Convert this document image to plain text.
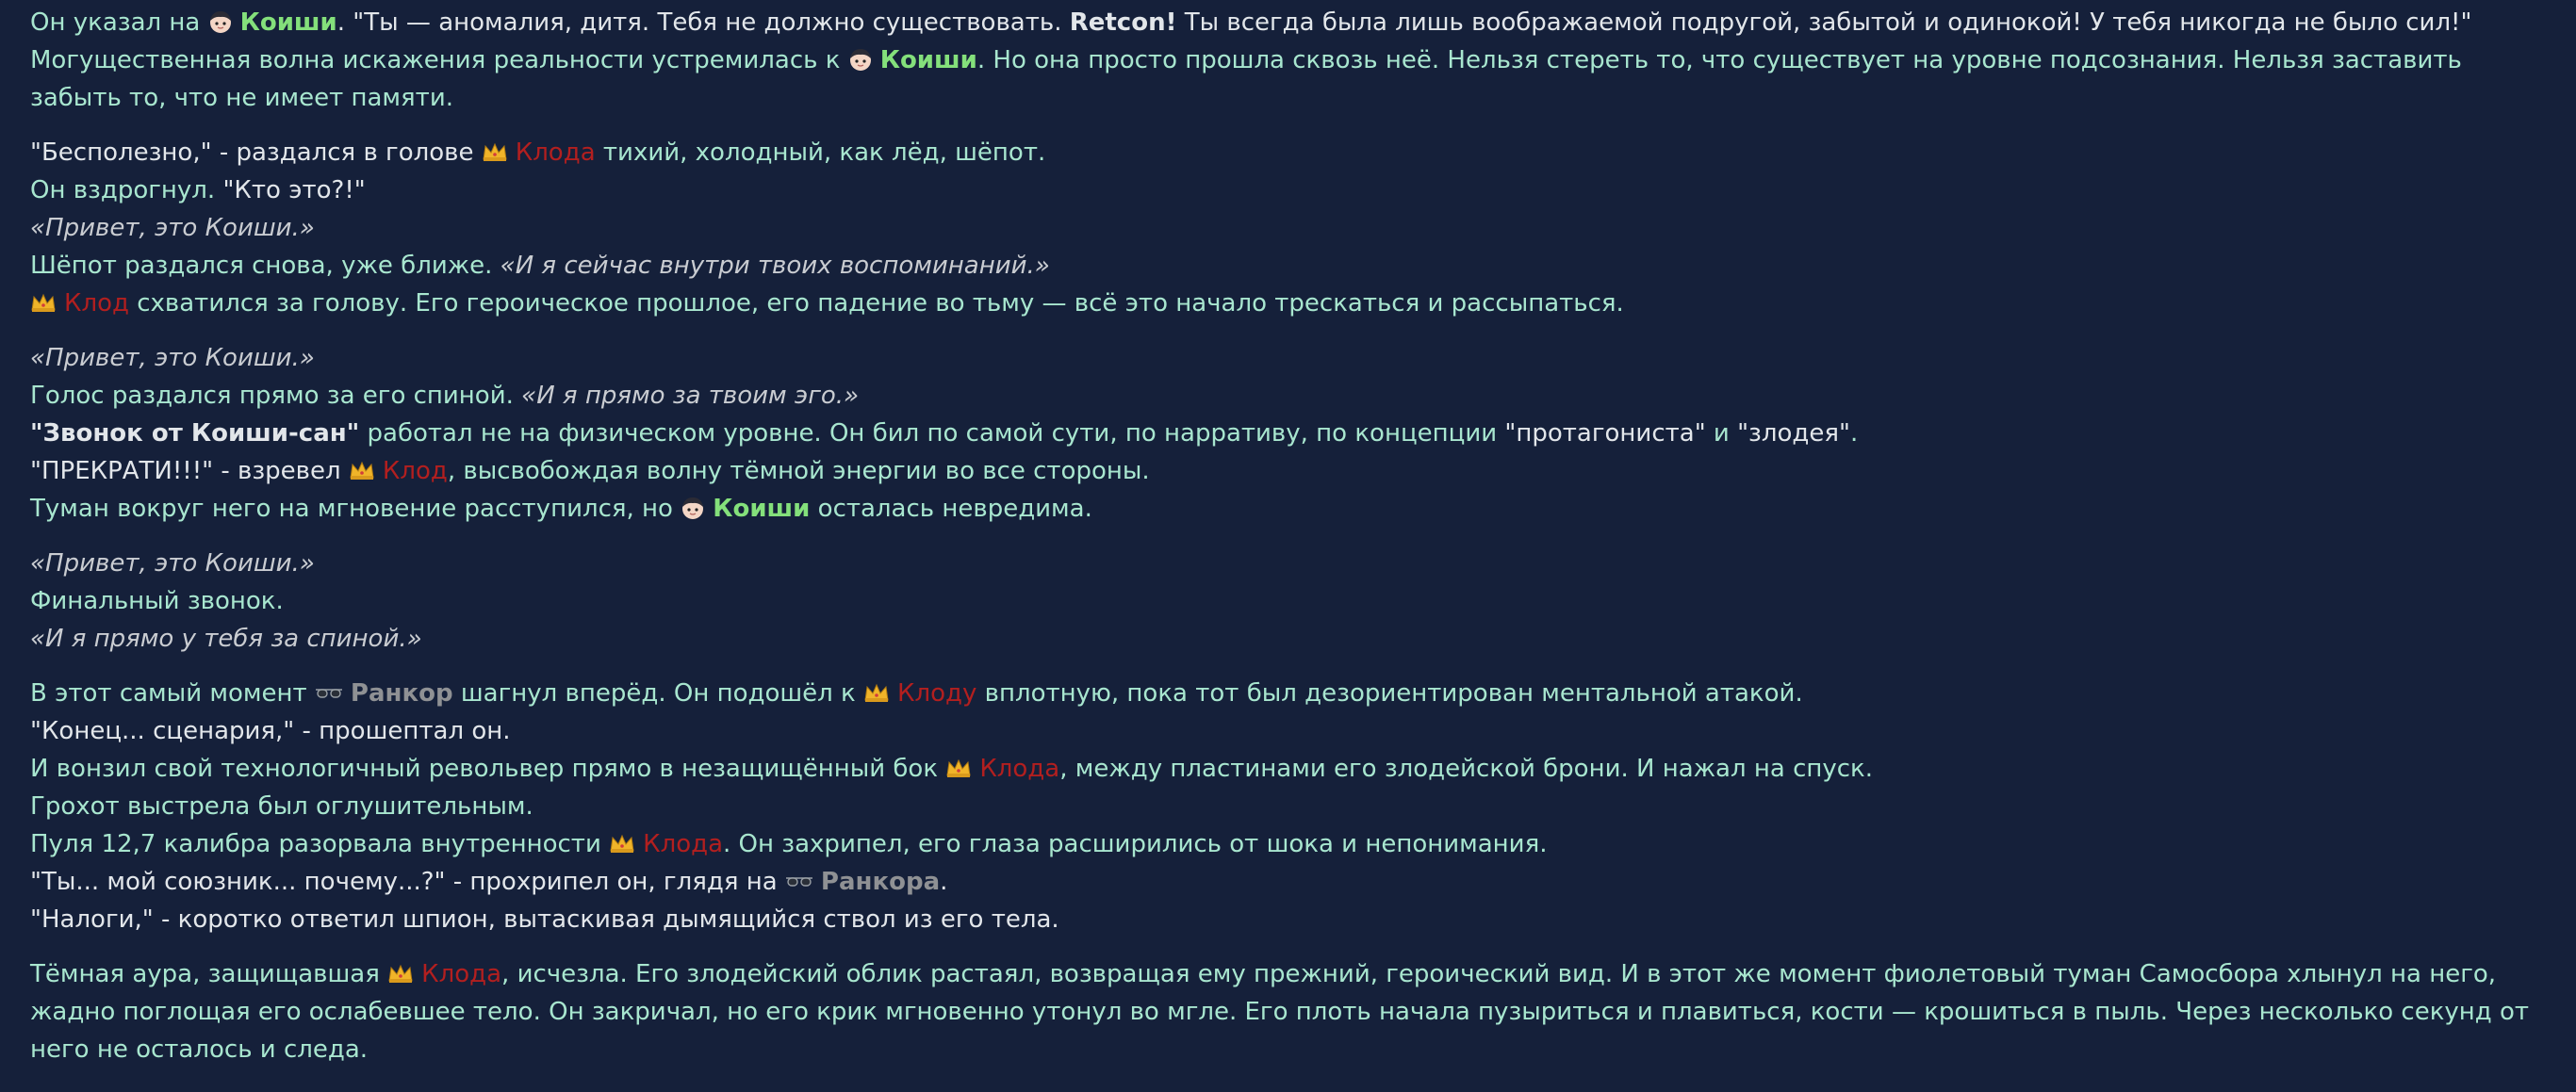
Он указал на Коиши. "Ты — аномалия, дитя. Тебя не должно существовать. Retcon! Ты всегда была лишь воображаемой подругой, забытой и одинокой! У тебя никогда не было сил!"
Могущественная волна искажения реальности устремилась к Коиши. Но она просто прошла сквозь неё. Нельзя стереть то, что существует на уровне подсознания. Нельзя заставить забыть то, что не имеет памяти.
"Бесполезно," - раздался в голове Клода тихий, холодный, как лёд, шёпот.
Он вздрогнул. "Кто это?!"
«Привет, это Коиши.»
Шёпот раздался снова, уже ближе. «И я сейчас внутри твоих воспоминаний.»
Клод схватился за голову. Его героическое прошлое, его падение во тьму — всё это начало трескаться и рассыпаться.
«Привет, это Коиши.»
Голос раздался прямо за его спиной. «И я прямо за твоим эго.»
"Звонок от Коиши-сан" работал не на физическом уровне. Он бил по самой сути, по нарративу, по концепции "протагониста" и "злодея".
"ПРЕКРАТИ!!!" - взревел Клод, высвобождая волну тёмной энергии во все стороны.
Туман вокруг него на мгновение расступился, но Коиши осталась невредима.
«Привет, это Коиши.»
Финальный звонок.
«И я прямо у тебя за спиной.»
В этот самый момент Ранкор шагнул вперёд. Он подошёл к Клоду вплотную, пока тот был дезориентирован ментальной атакой.
"Конец... сценария," - прошептал он.
И вонзил свой технологичный револьвер прямо в незащищённый бок Клода, между пластинами его злодейской брони. И нажал на спуск.
Грохот выстрела был оглушительным.
Пуля 12,7 калибра разорвала внутренности Клода. Он захрипел, его глаза расширились от шока и непонимания.
"Ты... мой союзник... почему...?" - прохрипел он, глядя на Ранкора.
"Налоги," - коротко ответил шпион, вытаскивая дымящийся ствол из его тела.
Тёмная аура, защищавшая Клода, исчезла. Его злодейский облик растаял, возвращая ему прежний, героический вид. И в этот же момент фиолетовый туман Самосбора хлынул на него, жадно поглощая его ослабевшее тело. Он закричал, но его крик мгновенно утонул во мгле. Его плоть начала пузыриться и плавиться, кости — крошиться в пыль. Через несколько секунд от него не осталось и следа.
